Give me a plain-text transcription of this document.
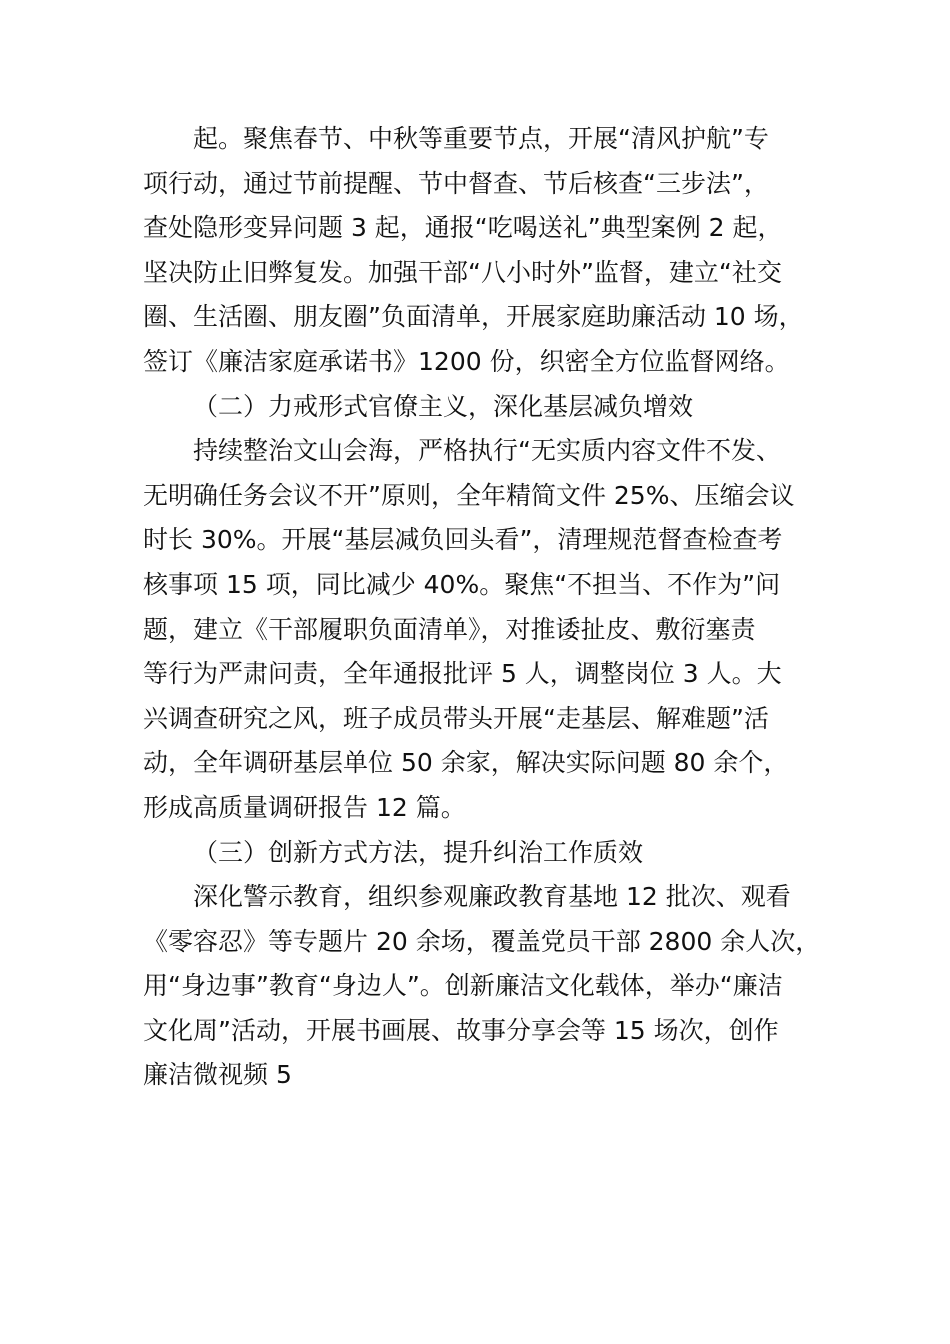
起。聚焦春节、中秋等重要节点，开展“清风护航”专
项行动，通过节前提醒、节中督查、节后核查“三步法”，
查处隐形变异问题 3 起，通报“吃喝送礼”典型案例 2 起，
坚决防止旧弊复发。加强干部“八小时外”监督，建立“社交
圈、生活圈、朋友圈”负面清单，开展家庭助廉活动 10 场，
签订《廉洁家庭承诺书》1200 份，织密全方位监督网络。
（二）力戒形式官僚主义，深化基层减负增效
持续整治文山会海，严格执行“无实质内容文件不发、
无明确任务会议不开”原则，全年精简文件 25%、压缩会议
时长 30%。开展“基层减负回头看”，清理规范督查检查考
核事项 15 项，同比减少 40%。聚焦“不担当、不作为”问
题，建立《干部履职负面清单》，对推诿扯皮、敷衍塞责
等行为严肃问责，全年通报批评 5 人，调整岗位 3 人。大
兴调查研究之风，班子成员带头开展“走基层、解难题”活
动，全年调研基层单位 50 余家，解决实际问题 80 余个，
形成高质量调研报告 12 篇。
（三）创新方式方法，提升纠治工作质效
深化警示教育，组织参观廉政教育基地 12 批次、观看
《零容忍》等专题片 20 余场，覆盖党员干部 2800 余人次，
用“身边事”教育“身边人”。创新廉洁文化载体，举办“廉洁
文化周”活动，开展书画展、故事分享会等 15 场次，创作
廉洁微视频 5
